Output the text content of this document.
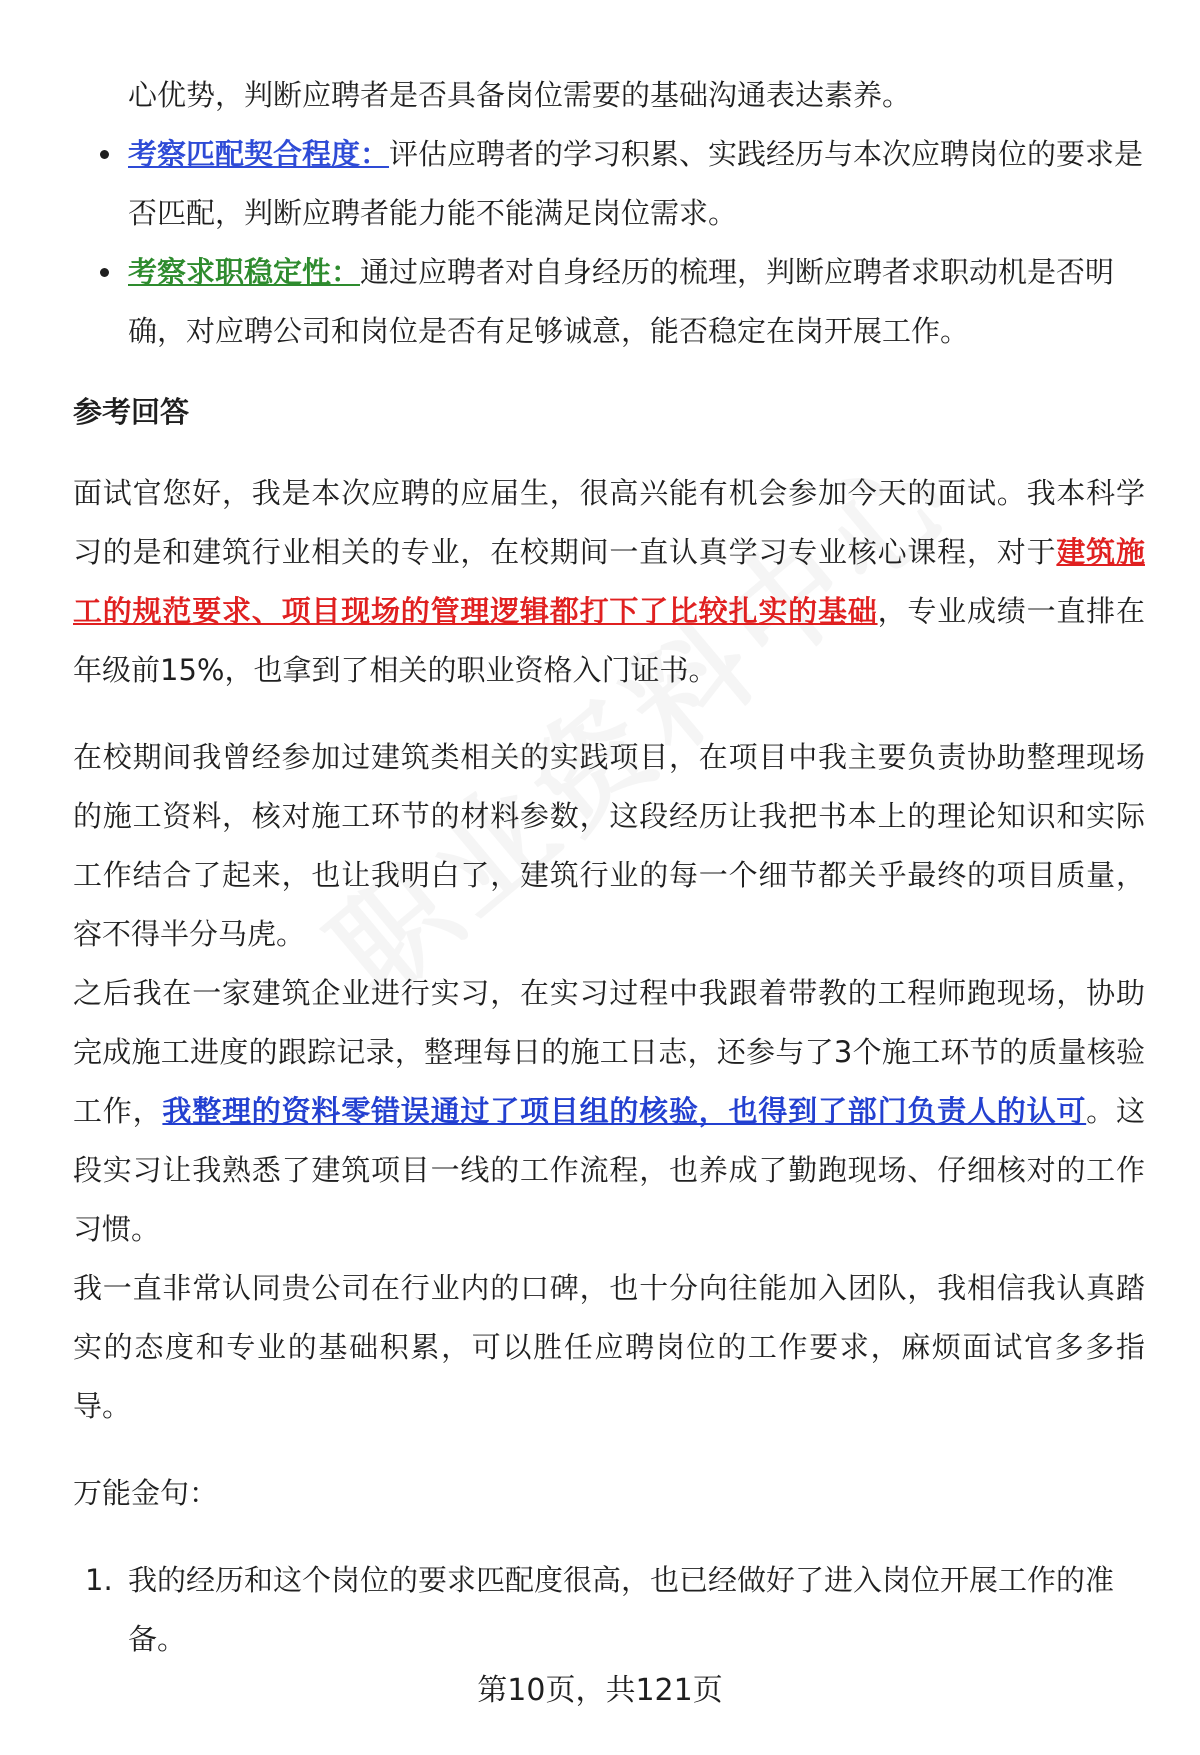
心优势，判断应聘者是否具备岗位需要的基础沟通表达素养。

考察匹配契合程度：评估应聘者的学习积累、实践经历与本次应聘岗位的要求是否匹配，判断应聘者能力能不能满足岗位需求。
考察求职稳定性：通过应聘者对自身经历的梳理，判断应聘者求职动机是否明确，对应聘公司和岗位是否有足够诚意，能否稳定在岗开展工作。
参考回答

面试官您好，我是本次应聘的应届生，很高兴能有机会参加今天的面试。我本科学习的是和建筑行业相关的专业，在校期间一直认真学习专业核心课程，对于建筑施工的规范要求、项目现场的管理逻辑都打下了比较扎实的基础，专业成绩一直排在年级前15%，也拿到了相关的职业资格入门证书。

在校期间我曾经参加过建筑类相关的实践项目，在项目中我主要负责协助整理现场的施工资料，核对施工环节的材料参数，这段经历让我把书本上的理论知识和实际工作结合了起来，也让我明白了，建筑行业的每一个细节都关乎最终的项目质量，容不得半分马虎。

之后我在一家建筑企业进行实习，在实习过程中我跟着带教的工程师跑现场，协助完成施工进度的跟踪记录，整理每日的施工日志，还参与了3个施工环节的质量核验工作，我整理的资料零错误通过了项目组的核验，也得到了部门负责人的认可。这段实习让我熟悉了建筑项目一线的工作流程，也养成了勤跑现场、仔细核对的工作习惯。

我一直非常认同贵公司在行业内的口碑，也十分向往能加入团队，我相信我认真踏实的态度和专业的基础积累，可以胜任应聘岗位的工作要求，麻烦面试官多多指导。

万能金句：

1. 我的经历和这个岗位的要求匹配度很高，也已经做好了进入岗位开展工作的准备。
第10页，共121页
